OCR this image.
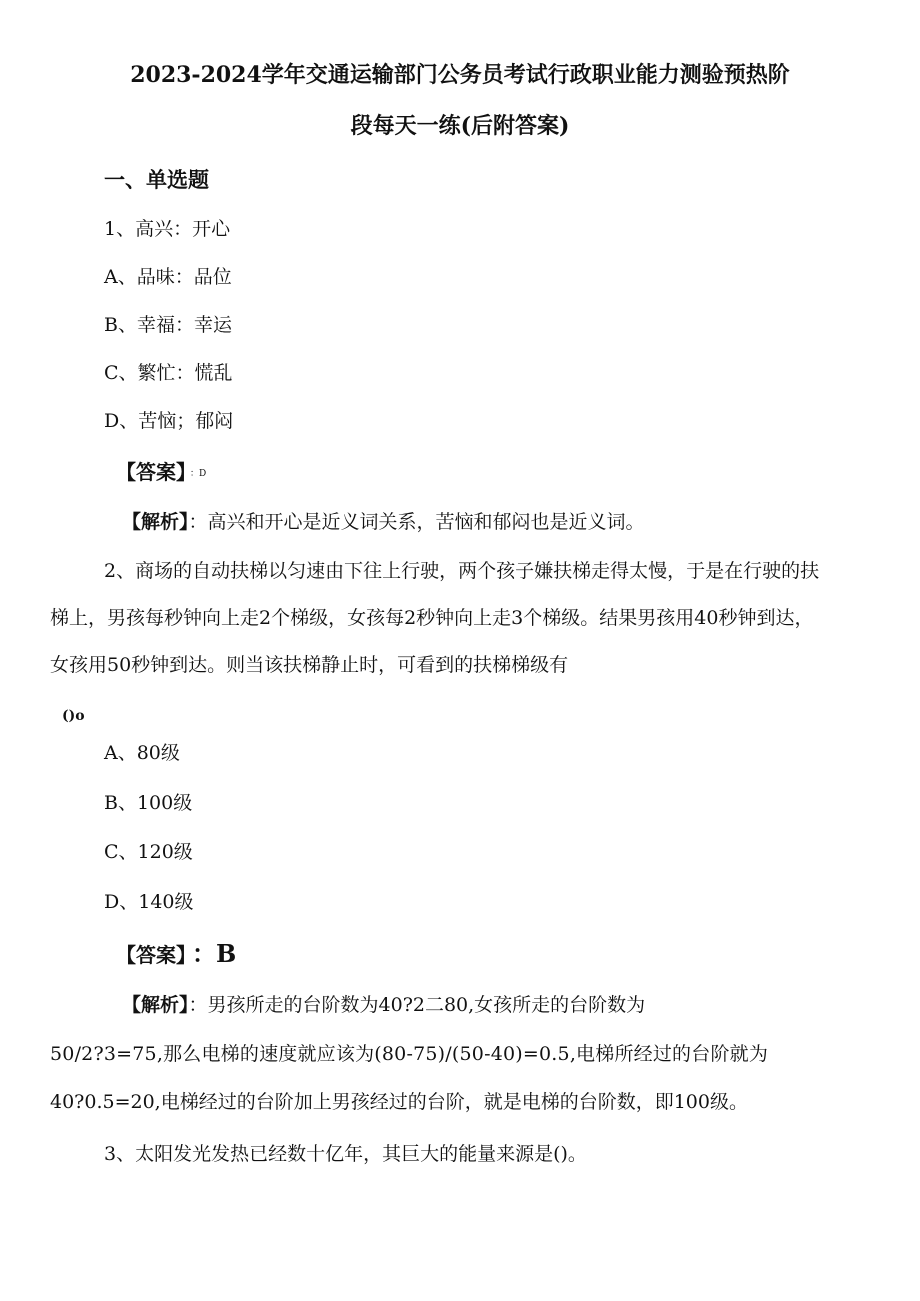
2023-2024学年交通运输部门公务员考试行政职业能力测验预热阶
段每天一练(后附答案)
一、单选题
1、高兴：开心
A、品味：品位
B、幸福：幸运
C、繁忙：慌乱
D、苦恼；郁闷
【答案】 ：D
【解析】：高兴和开心是近义词关系，苦恼和郁闷也是近义词。
2、商场的自动扶梯以匀速由下往上行驶，两个孩子嫌扶梯走得太慢，于是在行驶的扶
梯上，男孩每秒钟向上走2个梯级，女孩每2秒钟向上走3个梯级。结果男孩用40秒钟到达，
女孩用50秒钟到达。则当该扶梯静止时，可看到的扶梯梯级有
()o
A、80级
B、100级
C、120级
D、140级
【答案】 ：B
【解析】：男孩所走的台阶数为40?2二80,女孩所走的台阶数为
50/2?3=75,那么电梯的速度就应该为(80-75)/(50-40)=0.5,电梯所经过的台阶就为
40?0.5=20,电梯经过的台阶加上男孩经过的台阶，就是电梯的台阶数，即100级。
3、太阳发光发热已经数十亿年，其巨大的能量来源是()。
